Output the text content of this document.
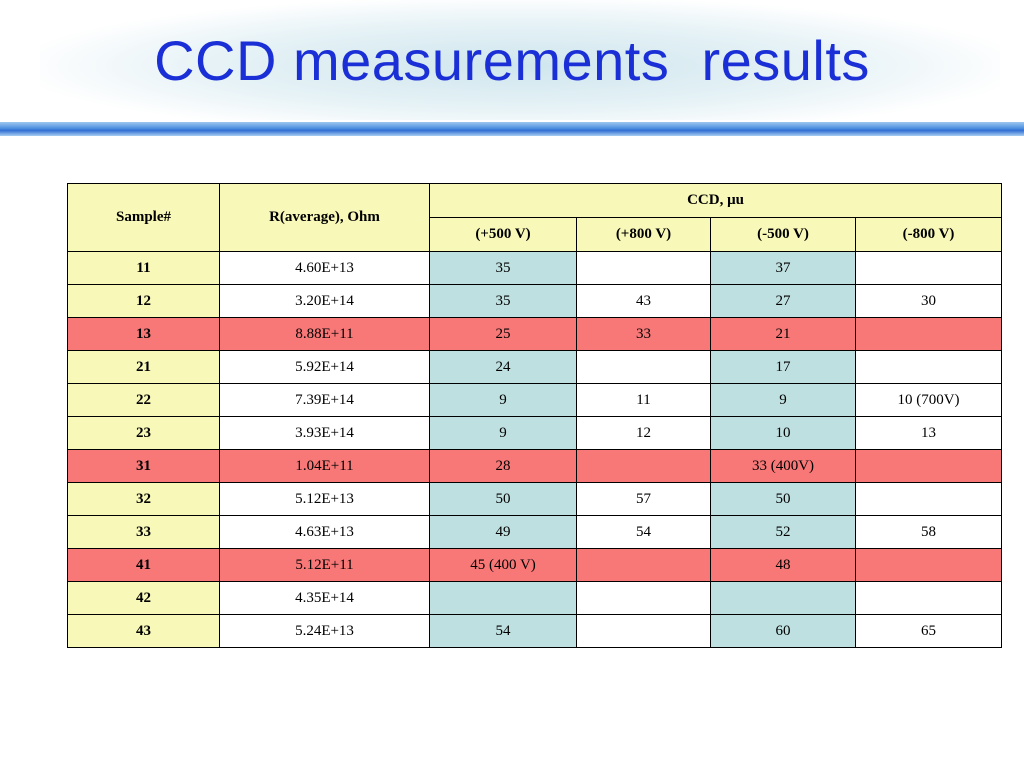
CCD measurements  results
Sample#	R(average), Ohm	CCD, μu			
		(+500 V)	(+800 V)	(-500 V)	(-800 V)
11	4.60E+13	35		37	
12	3.20E+14	35	43	27	30
13	8.88E+11	25	33	21	
21	5.92E+14	24		17	
22	7.39E+14	9	11	9	10 (700V)
23	3.93E+14	9	12	10	13
31	1.04E+11	28		33 (400V)	
32	5.12E+13	50	57	50	
33	4.63E+13	49	54	52	58
41	5.12E+11	45 (400 V)		48	
42	4.35E+14				
43	5.24E+13	54		60	65
